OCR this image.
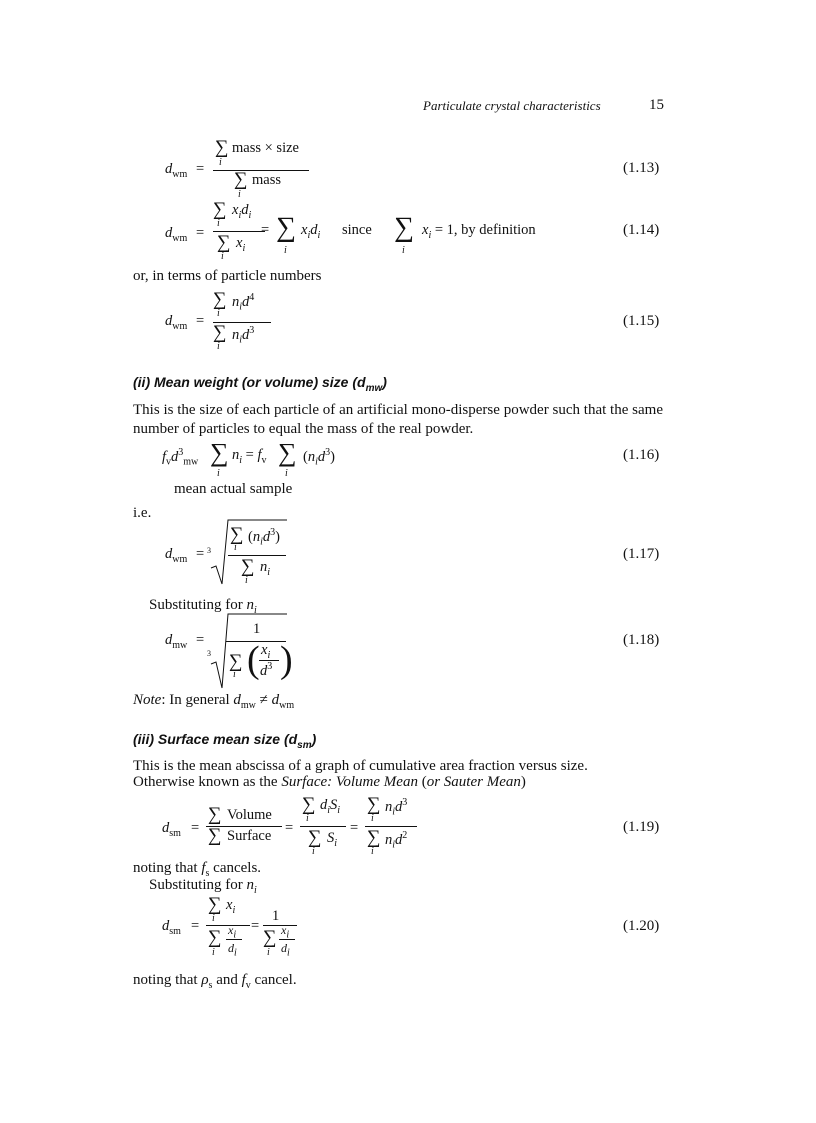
Particulate crystal characteristics	15
$d_{wm}$ =
∑
i
mass × size
∑
i
mass
(1.13)
$d_{wm}$ =
∑ $x_id_i$
i
∑ $x_i$
i
= ∑
i
$x_id_i$ since ∑
i
$x_i = 1$, by definition	(1.14)
or, in terms of particle numbers
$d_{wm}$ =
∑ $n_id^4$
i
∑ $n_id^3$
i
(1.15)
(ii) Mean weight (or volume) size $(d_{mw})$
This is the size of each particle of an artificial mono-disperse powder such that the same number of particles to equal the mass of the real powder.
$f_vd^3_{mw}$ ∑
i
$n_i = f_v$ ∑
i
$(n_id^3)$	(1.16)
mean actual sample
i.e.
$d_{wm} = 3$
∑ $(n_id^3)$
i
∑ $n_i$
i
(1.17)
Substituting for $n_i$
$d_{mw}$ =
3
1
∑
i ( $x_i$
$d^3$ )	(1.18)
Note: In general $d_{mw} \ne d_{wm}$
(iii) Surface mean size $(d_{sm})$
This is the mean abscissa of a graph of cumulative area fraction versus size.
Otherwise known as the Surface: Volume Mean (or Sauter Mean)
$d_{sm}$ =
∑ Volume
∑ Surface =
∑ $d_iS_i$
i
∑ $S_i$
i
=
∑ $n_id^3$
i
∑ $n_id^2$
i
(1.19)
noting that $f_s$ cancels.
Substituting for $n_i$
$d_{sm}$ =
∑ $x_i$
i
∑
i
$x_i$
$d_i$
=
1
∑
i
$x_i$
$d_i$
(1.20)
noting that $\rho_s$ and $f_v$ cancel.
